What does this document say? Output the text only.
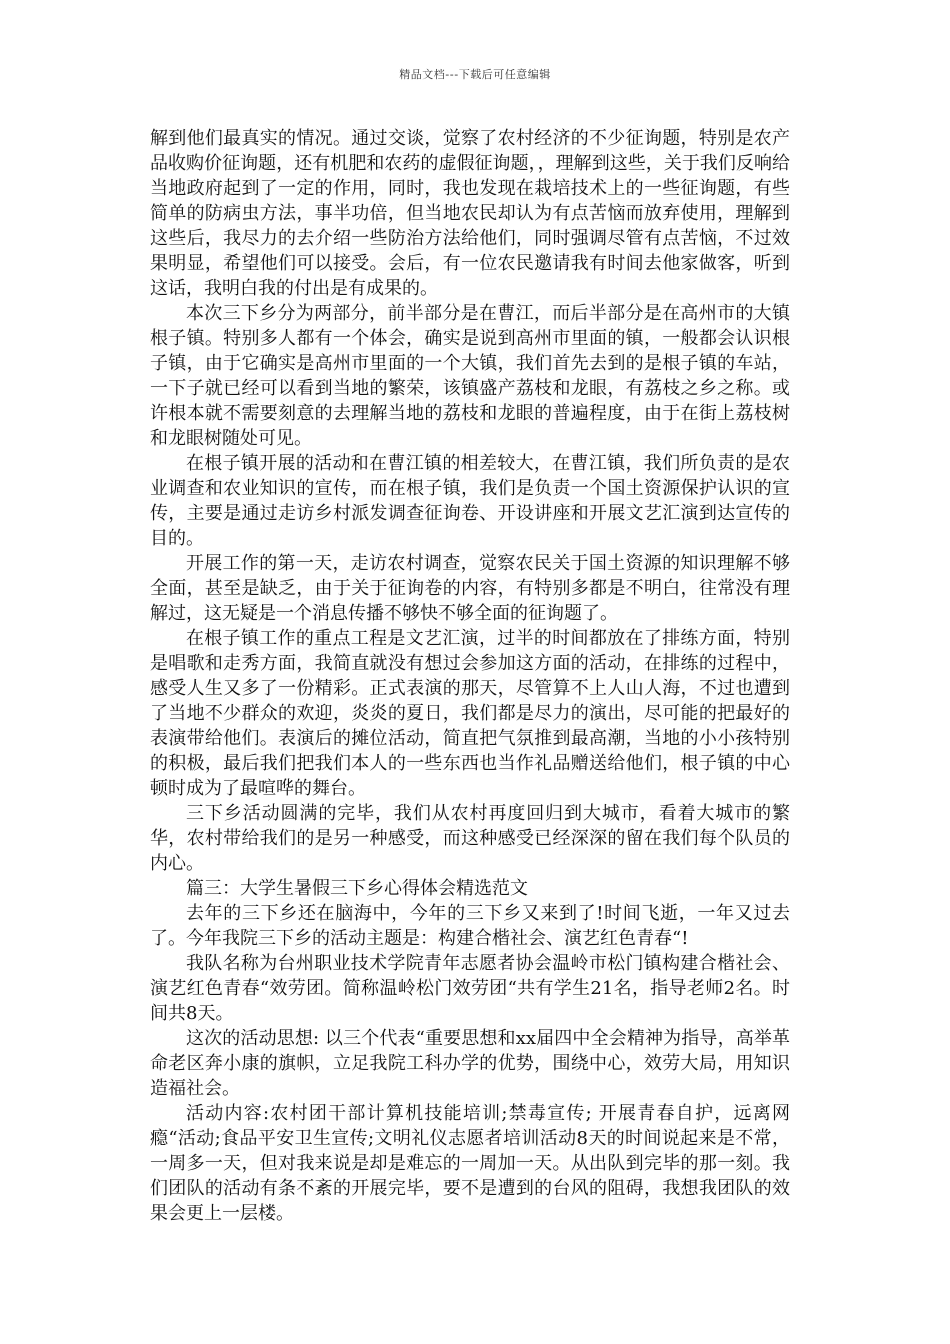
精品文档---下载后可任意编辑

解到他们最真实的情况。通过交谈，觉察了农村经济的不少征询题，特别是农产品收购价征询题，还有机肥和农药的虚假征询题，，理解到这些，关于我们反响给当地政府起到了一定的作用，同时，我也发现在栽培技术上的一些征询题，有些简单的防病虫方法，事半功倍，但当地农民却认为有点苦恼而放弃使用，理解到这些后，我尽力的去介绍一些防治方法给他们，同时强调尽管有点苦恼，不过效果明显，希望他们可以接受。会后，有一位农民邀请我有时间去他家做客，听到这话，我明白我的付出是有成果的。

本次三下乡分为两部分，前半部分是在曹江，而后半部分是在高州市的大镇根子镇。特别多人都有一个体会，确实是说到高州市里面的镇，一般都会认识根子镇，由于它确实是高州市里面的一个大镇，我们首先去到的是根子镇的车站，一下子就已经可以看到当地的繁荣，该镇盛产荔枝和龙眼，有荔枝之乡之称。或许根本就不需要刻意的去理解当地的荔枝和龙眼的普遍程度，由于在街上荔枝树和龙眼树随处可见。

在根子镇开展的活动和在曹江镇的相差较大，在曹江镇，我们所负责的是农业调查和农业知识的宣传，而在根子镇，我们是负责一个国土资源保护认识的宣传，主要是通过走访乡村派发调查征询卷、开设讲座和开展文艺汇演到达宣传的目的。

开展工作的第一天，走访农村调查，觉察农民关于国土资源的知识理解不够全面，甚至是缺乏，由于关于征询卷的内容，有特别多都是不明白，往常没有理解过，这无疑是一个消息传播不够快不够全面的征询题了。

在根子镇工作的重点工程是文艺汇演，过半的时间都放在了排练方面，特别是唱歌和走秀方面，我简直就没有想过会参加这方面的活动，在排练的过程中，感受人生又多了一份精彩。正式表演的那天，尽管算不上人山人海，不过也遭到了当地不少群众的欢迎，炎炎的夏日，我们都是尽力的演出，尽可能的把最好的表演带给他们。表演后的摊位活动，简直把气氛推到最高潮，当地的小小孩特别的积极，最后我们把我们本人的一些东西也当作礼品赠送给他们，根子镇的中心顿时成为了最喧哗的舞台。

三下乡活动圆满的完毕，我们从农村再度回归到大城市，看着大城市的繁华，农村带给我们的是另一种感受，而这种感受已经深深的留在我们每个队员的内心。

篇三：大学生暑假三下乡心得体会精选范文

去年的三下乡还在脑海中，今年的三下乡又来到了!时间飞逝，一年又过去了。今年我院三下乡的活动主题是：构建合楷社会、演艺红色青春“!

我队名称为台州职业技术学院青年志愿者协会温岭市松门镇构建合楷社会、演艺红色青春“效劳团。简称温岭松门效劳团“共有学生21名，指导老师2名。时间共8天。

这次的活动思想: 以三个代表“重要思想和xx届四中全会精神为指导，高举革命老区奔小康的旗帜，立足我院工科办学的优势，围绕中心，效劳大局，用知识造福社会。

活动内容:农村团干部计算机技能培训;禁毒宣传; 开展青春自护，远离网瘾“活动;食品平安卫生宣传;文明礼仪志愿者培训活动8天的时间说起来是不常，一周多一天，但对我来说是却是难忘的一周加一天。从出队到完毕的那一刻。我们团队的活动有条不紊的开展完毕，要不是遭到的台风的阻碍，我想我团队的效果会更上一层楼。
